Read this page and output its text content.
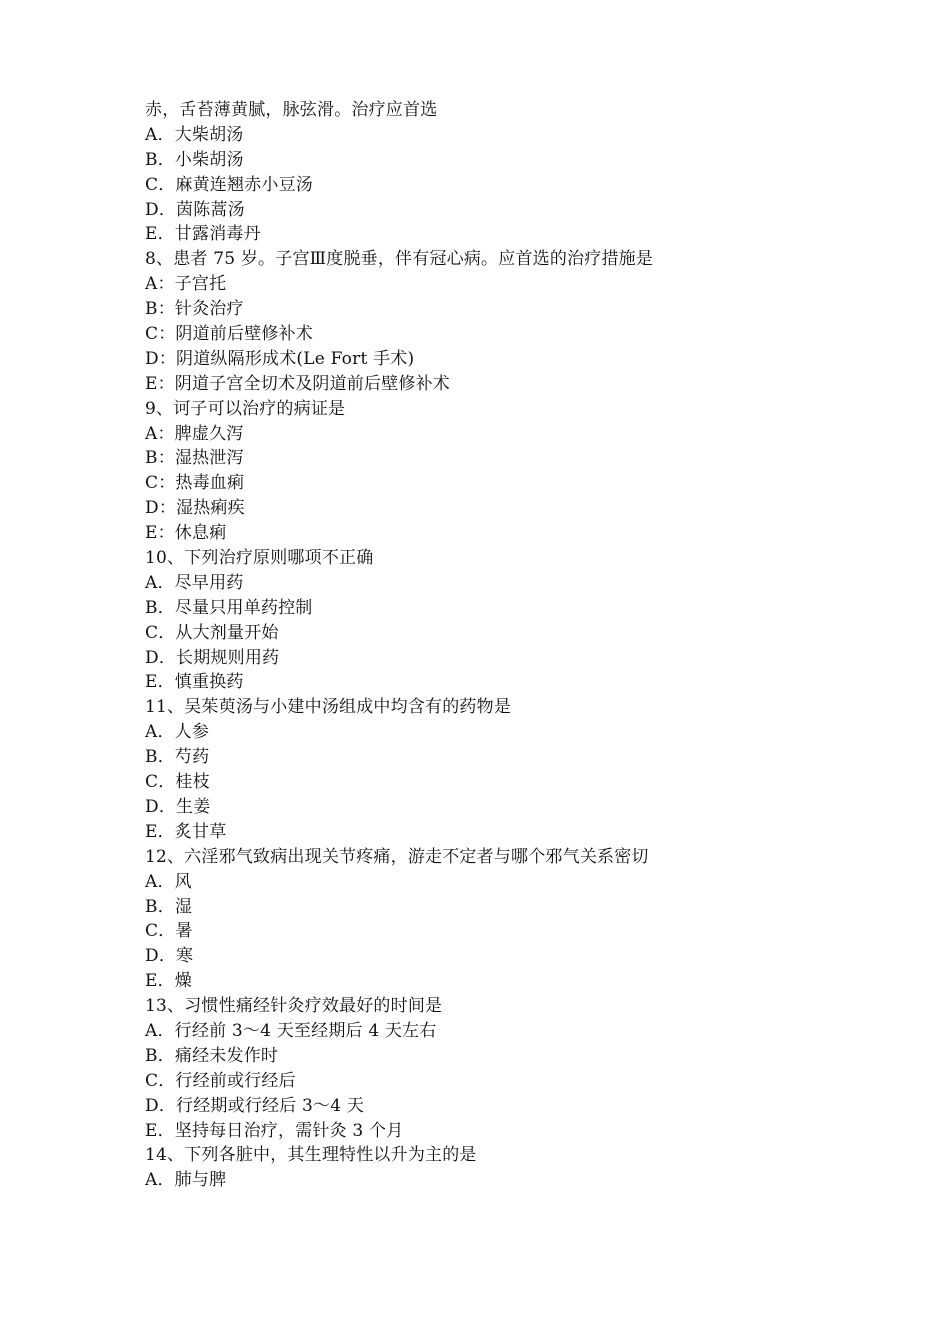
赤，舌苔薄黄腻，脉弦滑。治疗应首选
A．大柴胡汤
B．小柴胡汤
C．麻黄连翘赤小豆汤
D．茵陈蒿汤
E．甘露消毒丹
8、患者 75 岁。子宫Ⅲ度脱垂，伴有冠心病。应首选的治疗措施是
A：子宫托
B：针灸治疗
C：阴道前后壁修补术
D：阴道纵隔形成术(Le Fort 手术)
E：阴道子宫全切术及阴道前后壁修补术
9、诃子可以治疗的病证是
A：脾虚久泻
B：湿热泄泻
C：热毒血痢
D：湿热痢疾
E：休息痢
10、下列治疗原则哪项不正确
A．尽早用药
B．尽量只用单药控制
C．从大剂量开始
D．长期规则用药
E．慎重换药
11、吴茱萸汤与小建中汤组成中均含有的药物是
A．人参
B．芍药
C．桂枝
D．生姜
E．炙甘草
12、六淫邪气致病出现关节疼痛，游走不定者与哪个邪气关系密切
A．风
B．湿
C．暑
D．寒
E．燥
13、习惯性痛经针灸疗效最好的时间是
A．行经前 3～4 天至经期后 4 天左右
B．痛经未发作时
C．行经前或行经后
D．行经期或行经后 3～4 天
E．坚持每日治疗，需针灸 3 个月
14、下列各脏中，其生理特性以升为主的是
A．肺与脾
